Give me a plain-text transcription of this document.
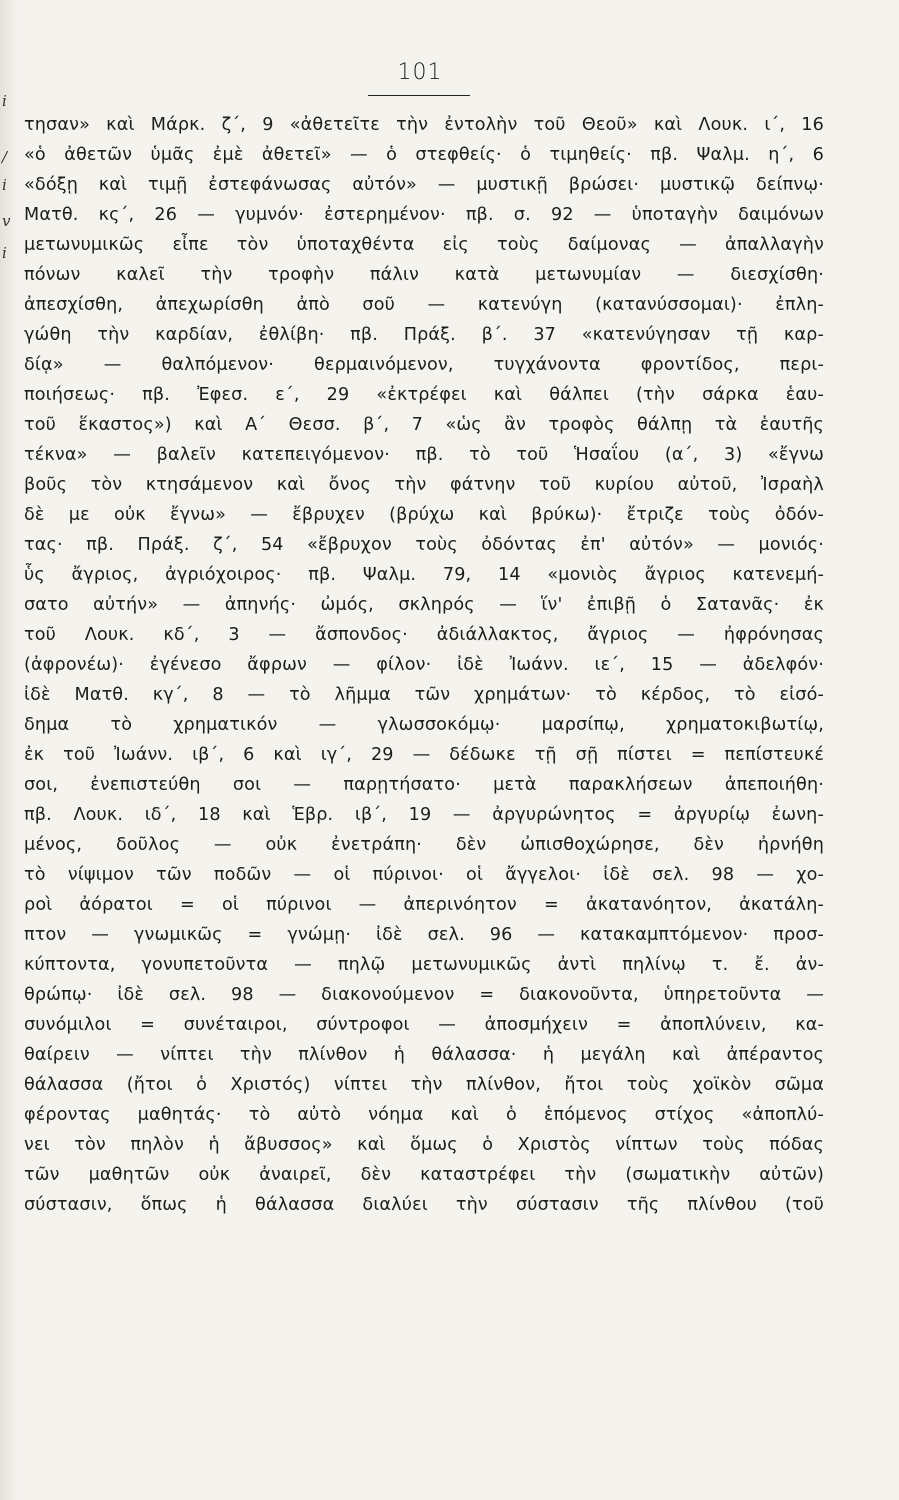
i
/
i
v
i
101
τησαν» καὶ Μάρκ. ζ΄, 9 «ἀθετεῖτε τὴν ἐντολὴν τοῦ Θεοῦ» καὶ Λουκ. ι΄, 16
«ὁ ἀθετῶν ὑμᾶς ἐμὲ ἀθετεῖ» — ὁ στεφθείς· ὁ τιμηθείς· πβ. Ψαλμ. η΄, 6
«δόξῃ καὶ τιμῇ ἐστεφάνωσας αὐτόν» — μυστικῇ βρώσει· μυστικῷ δείπνῳ·
Ματθ. κς΄, 26 — γυμνόν· ἐστερημένον· πβ. σ. 92 — ὑποταγὴν δαιμόνων
μετωνυμικῶς εἶπε τὸν ὑποταχθέντα εἰς τοὺς δαίμονας — ἀπαλλαγὴν
πόνων καλεῖ τὴν τροφὴν πάλιν κατὰ μετωνυμίαν — διεσχίσθη·
ἀπεσχίσθη, ἀπεχωρίσθη ἀπὸ σοῦ — κατενύγη (κατανύσσομαι)· ἐπλη-
γώθη τὴν καρδίαν, ἐθλίβη· πβ. Πράξ. β΄. 37 «κατενύγησαν τῇ καρ-
δίᾳ» — θαλπόμενον· θερμαινόμενον, τυγχάνοντα φροντίδος, περι-
ποιήσεως· πβ. Ἐφεσ. ε΄, 29 «ἐκτρέφει καὶ θάλπει (τὴν σάρκα ἑαυ-
τοῦ ἕκαστος») καὶ Α΄ Θεσσ. β΄, 7 «ὡς ἂν τροφὸς θάλπῃ τὰ ἑαυτῆς
τέκνα» — βαλεῖν κατεπειγόμενον· πβ. τὸ τοῦ Ἡσαΐου (α΄, 3) «ἔγνω
βοῦς τὸν κτησάμενον καὶ ὄνος τὴν φάτνην τοῦ κυρίου αὐτοῦ, Ἰσραὴλ
δὲ με οὐκ ἔγνω» — ἔβρυχεν (βρύχω καὶ βρύκω)· ἔτριζε τοὺς ὀδόν-
τας· πβ. Πράξ. ζ΄, 54 «ἔβρυχον τοὺς ὀδόντας ἐπ' αὐτόν» — μονιός·
ὗς ἄγριος, ἀγριόχοιρος· πβ. Ψαλμ. 79, 14 «μονιὸς ἄγριος κατενεμή-
σατο αὐτήν» — ἀπηνής· ὠμός, σκληρός — ἵν' ἐπιβῇ ὁ Σατανᾶς· ἐκ
τοῦ Λουκ. κδ΄, 3 — ἄσπονδος· ἀδιάλλακτος, ἄγριος — ἠφρόνησας
(ἀφρονέω)· ἐγένεσο ἄφρων — φίλον· ἰδὲ Ἰωάνν. ιε΄, 15 — ἀδελφόν·
ἰδὲ Ματθ. κγ΄, 8 — τὸ λῆμμα τῶν χρημάτων· τὸ κέρδος, τὸ εἰσό-
δημα τὸ χρηματικόν — γλωσσοκόμῳ· μαρσίπῳ, χρηματοκιβωτίῳ,
ἐκ τοῦ Ἰωάνν. ιβ΄, 6 καὶ ιγ΄, 29 — δέδωκε τῇ σῇ πίστει = πεπίστευκέ
σοι, ἐνεπιστεύθη σοι — παρῃτήσατο· μετὰ παρακλήσεων ἀπεποιήθη·
πβ. Λουκ. ιδ΄, 18 καὶ Ἑβρ. ιβ΄, 19 — ἀργυρώνητος = ἀργυρίῳ ἐωνη-
μένος, δοῦλος — οὐκ ἐνετράπη· δὲν ὠπισθοχώρησε, δὲν ἠρνήθη
τὸ νίψιμον τῶν ποδῶν — οἱ πύρινοι· οἱ ἄγγελοι· ἰδὲ σελ. 98 — χο-
ροὶ ἀόρατοι = οἱ πύρινοι — ἀπερινόητον = ἀκατανόητον, ἀκατάλη-
πτον — γνωμικῶς = γνώμῃ· ἰδὲ σελ. 96 — κατακαμπτόμενον· προσ-
κύπτοντα, γονυπετοῦντα — πηλῷ μετωνυμικῶς ἀντὶ πηλίνῳ τ. ἔ. ἀν-
θρώπῳ· ἰδὲ σελ. 98 — διακονούμενον = διακονοῦντα, ὑπηρετοῦντα —
συνόμιλοι = συνέταιροι, σύντροφοι — ἀποσμήχειν = ἀποπλύνειν, κα-
θαίρειν — νίπτει τὴν πλίνθον ἡ θάλασσα· ἡ μεγάλη καὶ ἀπέραντος
θάλασσα (ἤτοι ὁ Χριστός) νίπτει τὴν πλίνθον, ἤτοι τοὺς χοϊκὸν σῶμα
φέροντας μαθητάς· τὸ αὐτὸ νόημα καὶ ὁ ἑπόμενος στίχος «ἀποπλύ-
νει τὸν πηλὸν ἡ ἄβυσσος» καὶ ὅμως ὁ Χριστὸς νίπτων τοὺς πόδας
τῶν μαθητῶν οὐκ ἀναιρεῖ, δὲν καταστρέφει τὴν (σωματικὴν αὐτῶν)
σύστασιν, ὅπως ἡ θάλασσα διαλύει τὴν σύστασιν τῆς πλίνθου (τοῦ
